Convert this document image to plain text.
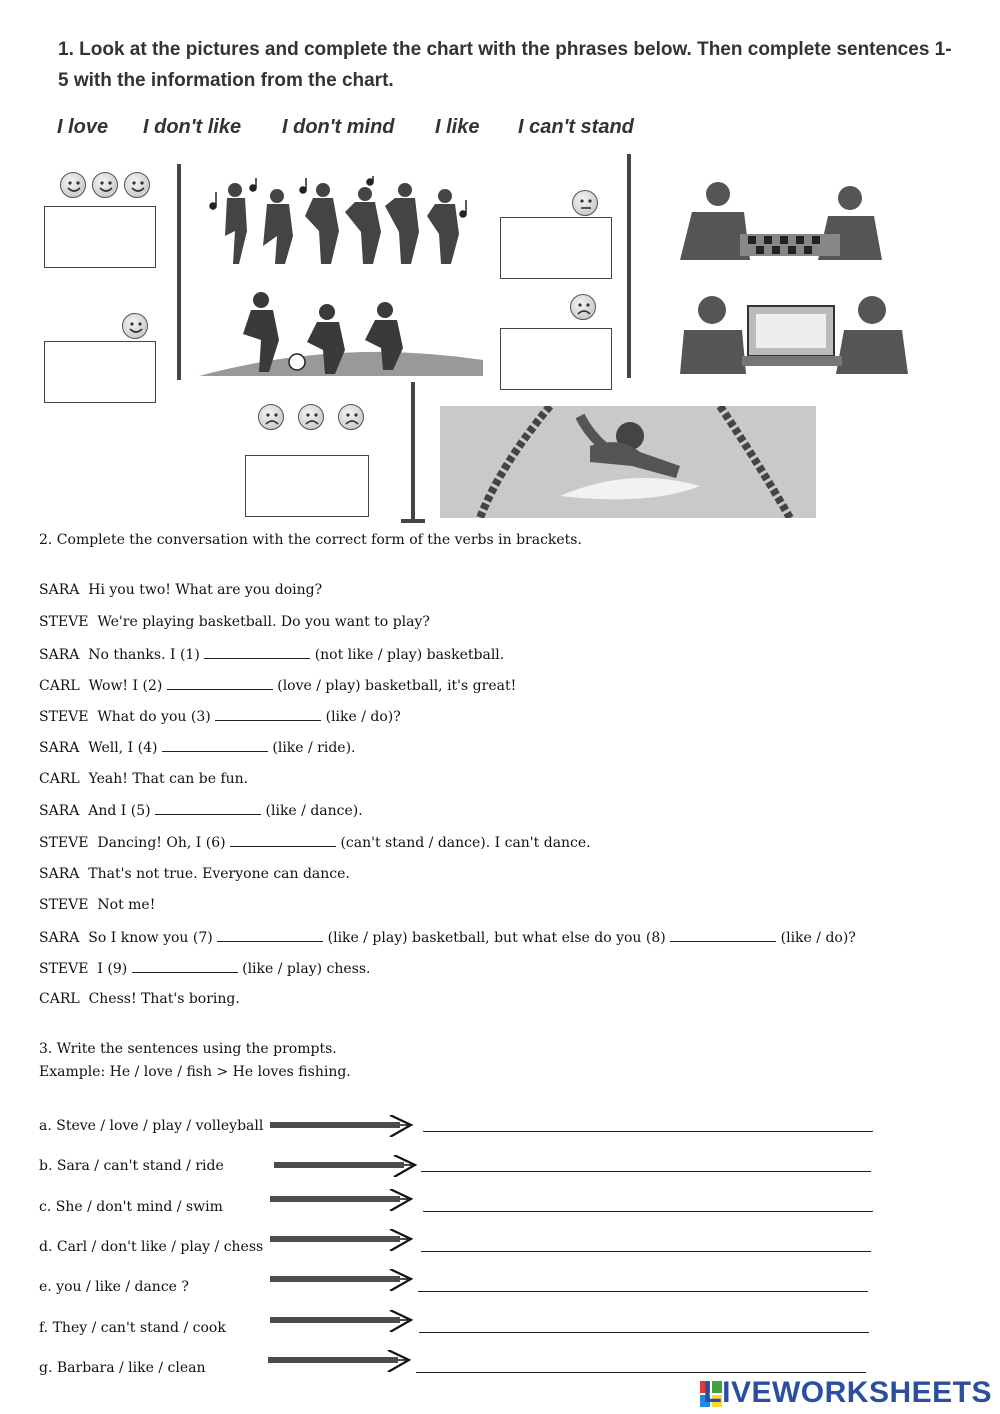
1. Look at the pictures and complete the chart with the phrases below. Then complete sentences 1-5 with the information from the chart.
I love I don't like I don't mind I like I can't stand
2. Complete the conversation with the correct form of the verbs in brackets.
SARA Hi you two! What are you doing?
STEVE We're playing basketball. Do you want to play?
SARA No thanks. I (1)	(not like / play) basketball.
CARL Wow! I (2)	(love / play) basketball, it's great!
STEVE What do you (3)	(like / do)?
SARA Well, I (4)	(like / ride).
CARL Yeah! That can be fun.
SARA And I (5)	(like / dance).
STEVE Dancing! Oh, I (6)	(can't stand / dance). I can't dance.
SARA That's not true. Everyone can dance.
STEVE Not me!
SARA So I know you (7)	(like / play) basketball, but what else do you (8)	(like / do)?
STEVE I (9)	(like / play) chess.
CARL Chess! That's boring.
3. Write the sentences using the prompts.
Example: He / love / fish > He loves fishing.
a. Steve / love / play / volleyball
b. Sara / can't stand / ride
c. She / don't mind / swim
d. Carl / don't like / play / chess
e. you / like / dance ?
f. They / can't stand / cook
g. Barbara / like / clean
LIVEWORKSHEETS
